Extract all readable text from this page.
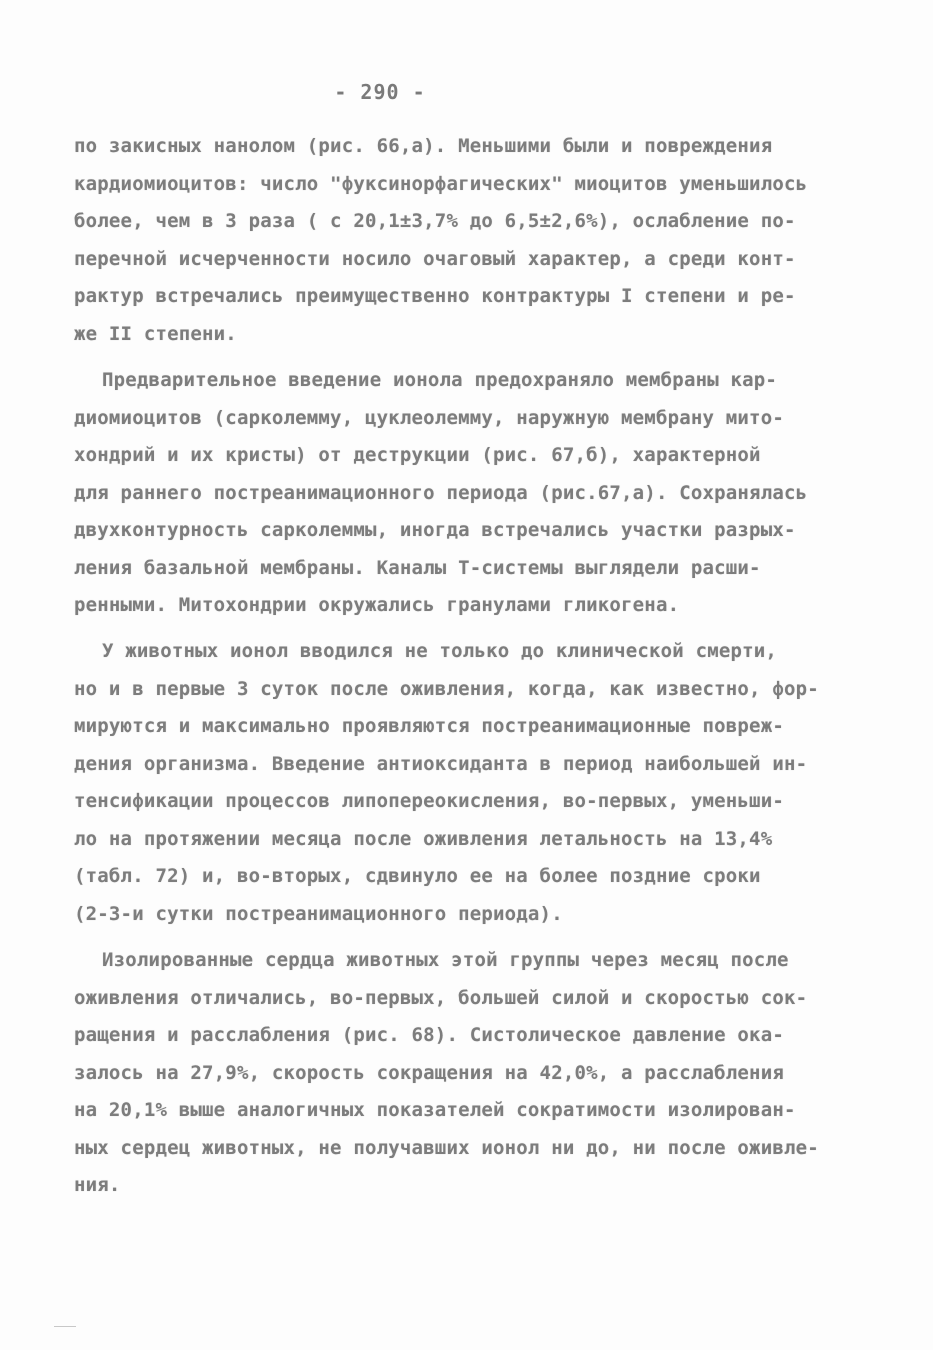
- 290 -
по закисных нанолом (рис. 66,а). Меньшими были и повреждения
кардиомиоцитов: число "фуксинорфагических" миоцитов уменьшилось
более, чем в 3 раза ( с 20,1±3,7% до 6,5±2,6%), ослабление по-
перечной исчерченности носило очаговый характер, а среди конт-
рактур встречались преимущественно контрактуры I степени и ре-
же II степени.
Предварительное введение ионола предохраняло мембраны кар-
диомиоцитов (сарколемму, цуклеолемму, наружную мембрану мито-
хондрий и их кристы) от деструкции (рис. 67,б), характерной
для раннего постреанимационного периода (рис.67,а). Сохранялась
двухконтурность сарколеммы, иногда встречались участки разрых-
ления базальной мембраны. Каналы Т-системы выглядели расши-
ренными. Митохондрии окружались гранулами гликогена.
У животных ионол вводился не только до клинической смерти,
но и в первые 3 суток после оживления, когда, как известно, фор-
мируются и максимально проявляются постреанимационные повреж-
дения организма. Введение антиоксиданта в период наибольшей ин-
тенсификации процессов липопереокисления, во-первых, уменьши-
ло на протяжении месяца после оживления летальность на 13,4%
(табл. 72) и, во-вторых, сдвинуло ее на более поздние сроки
(2-3-и сутки постреанимационного периода).
Изолированные сердца животных этой группы через месяц после
оживления отличались, во-первых, большей силой и скоростью сок-
ращения и расслабления (рис. 68). Систолическое давление ока-
залось на 27,9%, скорость сокращения на 42,0%, а расслабления
на 20,1% выше аналогичных показателей сократимости изолирован-
ных сердец животных, не получавших ионол ни до, ни после оживле-
ния.
